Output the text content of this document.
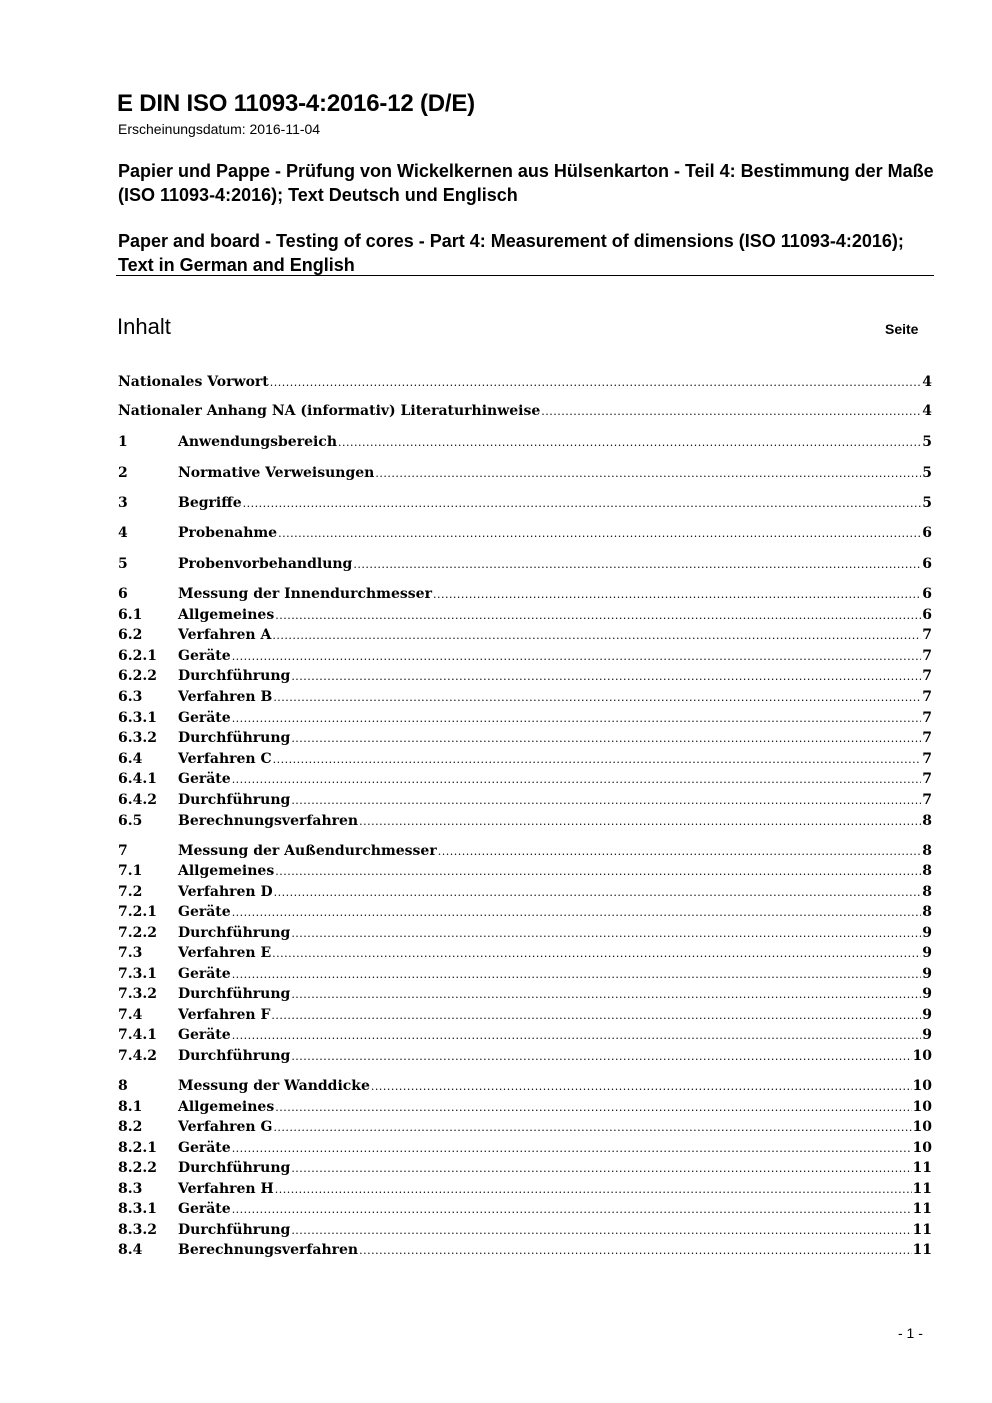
E DIN ISO 11093-4:2016-12 (D/E)
Erscheinungsdatum: 2016-11-04
Papier und Pappe - Prüfung von Wickelkernen aus Hülsenkarton - Teil 4: Bestimmung der Maße (ISO 11093-4:2016); Text Deutsch und Englisch
Paper and board - Testing of cores - Part 4: Measurement of dimensions (ISO 11093-4:2016); Text in German and English
Inhalt	Seite
Nationales Vorwort .....	4
Nationaler Anhang NA (informativ) Literaturhinweise .....	4
1	Anwendungsbereich .....	5
2	Normative Verweisungen .....	5
3	Begriffe .....	5
4	Probenahme .....	6
5	Probenvorbehandlung .....	6
6	Messung der Innendurchmesser .....	6
6.1	Allgemeines .....	6
6.2	Verfahren A .....	7
6.2.1	Geräte .....	7
6.2.2	Durchführung .....	7
6.3	Verfahren B .....	7
6.3.1	Geräte .....	7
6.3.2	Durchführung .....	7
6.4	Verfahren C .....	7
6.4.1	Geräte .....	7
6.4.2	Durchführung .....	7
6.5	Berechnungsverfahren .....	8
7	Messung der Außendurchmesser .....	8
7.1	Allgemeines .....	8
7.2	Verfahren D .....	8
7.2.1	Geräte .....	8
7.2.2	Durchführung .....	9
7.3	Verfahren E .....	9
7.3.1	Geräte .....	9
7.3.2	Durchführung .....	9
7.4	Verfahren F .....	9
7.4.1	Geräte .....	9
7.4.2	Durchführung .....	10
8	Messung der Wanddicke .....	10
8.1	Allgemeines .....	10
8.2	Verfahren G .....	10
8.2.1	Geräte .....	10
8.2.2	Durchführung .....	11
8.3	Verfahren H .....	11
8.3.1	Geräte .....	11
8.3.2	Durchführung .....	11
8.4	Berechnungsverfahren .....	11
- 1 -
